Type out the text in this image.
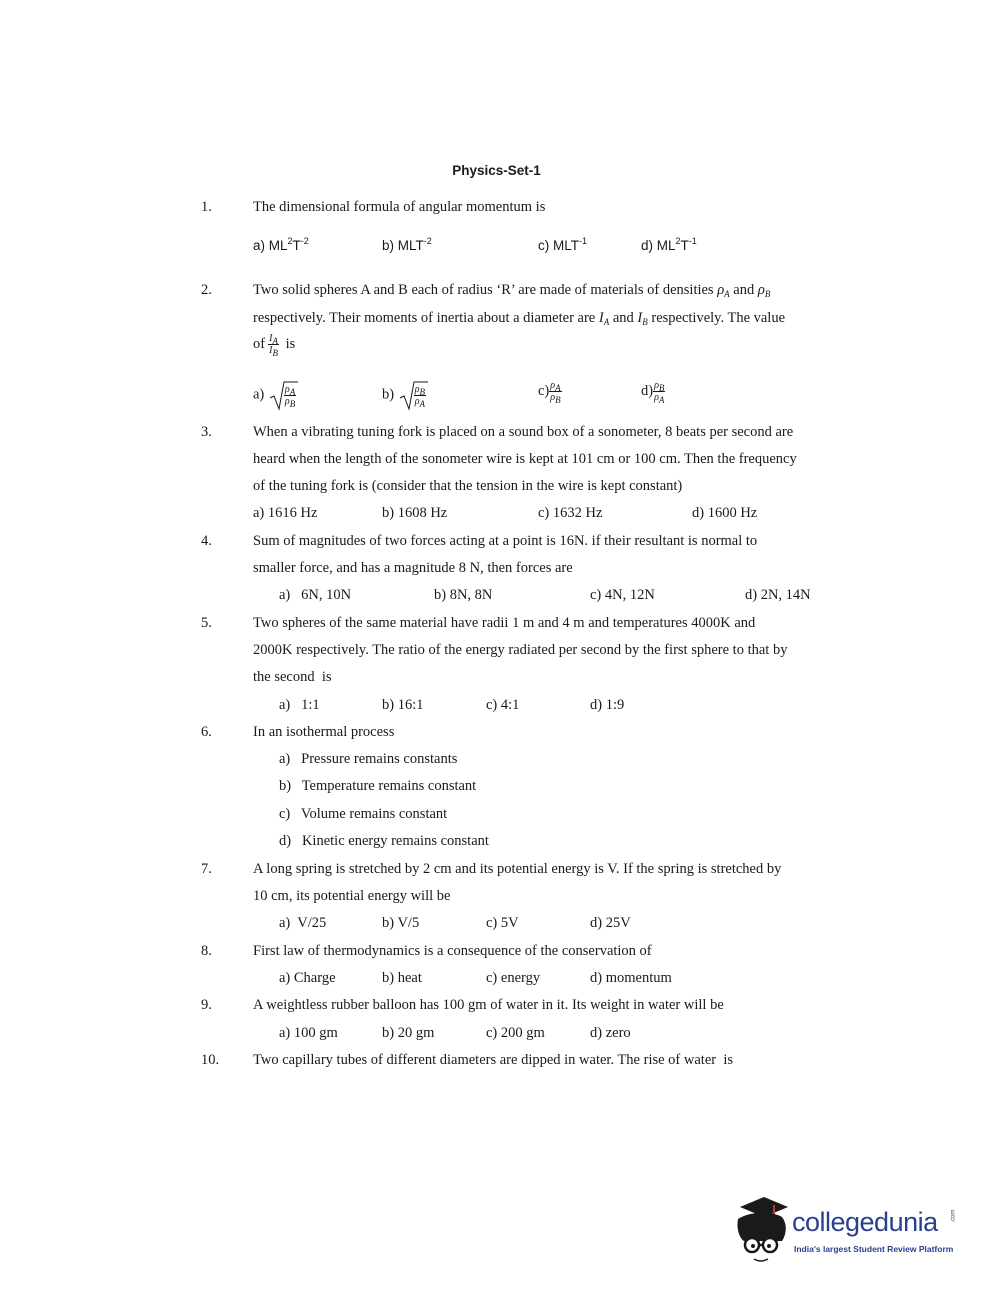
Physics-Set-1
1.	The dimensional formula of angular momentum is
a) $ML^2T^{-2}$	b) $MLT^{-2}$	c) $MLT^{-1}$	d) $ML^2T^{-1}$
2.	Two solid spheres A and B each of radius ‘R’ are made of materials of densities $\rho_A$ and $\rho_B$
respectively. Their moments of inertia about a diameter are $I_A$ and $I_B$ respectively. The value
of $\frac{I_A}{I_B}$ is
$a) \frac{\rho_A}{\rho_B}$	$b) \frac{\rho_B}{\rho_A}$	$c) \frac{\rho_A}{\rho_B}$	$d) \frac{\rho_B}{\rho_A}$
3.	When a vibrating tuning fork is placed on a sound box of a sonometer, 8 beats per second are
heard when the length of the sonometer wire is kept at 101 cm or 100 cm. Then the frequency
of the tuning fork is (consider that the tension in the wire is kept constant)
a) 1616 Hz	b) 1608 Hz	c) 1632 Hz	d) 1600 Hz
4.	Sum of magnitudes of two forces acting at a point is 16N. if their resultant is normal to
smaller force, and has a magnitude 8 N, then forces are
a)   6N, 10N	b) 8N, 8N	c) 4N, 12N	d) 2N, 14N
5.	Two spheres of the same material have radii 1 m and 4 m and temperatures 4000K and
2000K respectively. The ratio of the energy radiated per second by the first sphere to that by
the second  is
a)   1:1	b) 16:1	c) 4:1	d) 1:9
6.	In an isothermal process
a)   Pressure remains constants
b)   Temperature remains constant
c)   Volume remains constant
d)   Kinetic energy remains constant
7.	A long spring is stretched by 2 cm and its potential energy is V. If the spring is stretched by
10 cm, its potential energy will be
a)  V/25	b) V/5	c) 5V	d) 25V
8.	First law of thermodynamics is a consequence of the conservation of
a) Charge	b) heat	c) energy	d) momentum
9.	A weightless rubber balloon has 100 gm of water in it. Its weight in water will be
a) 100 gm	b) 20 gm	c) 200 gm	d) zero
10. Two capillary tubes of different diameters are dipped in water. The rise of water  is
collegedunia .com
India's largest Student Review Platform
